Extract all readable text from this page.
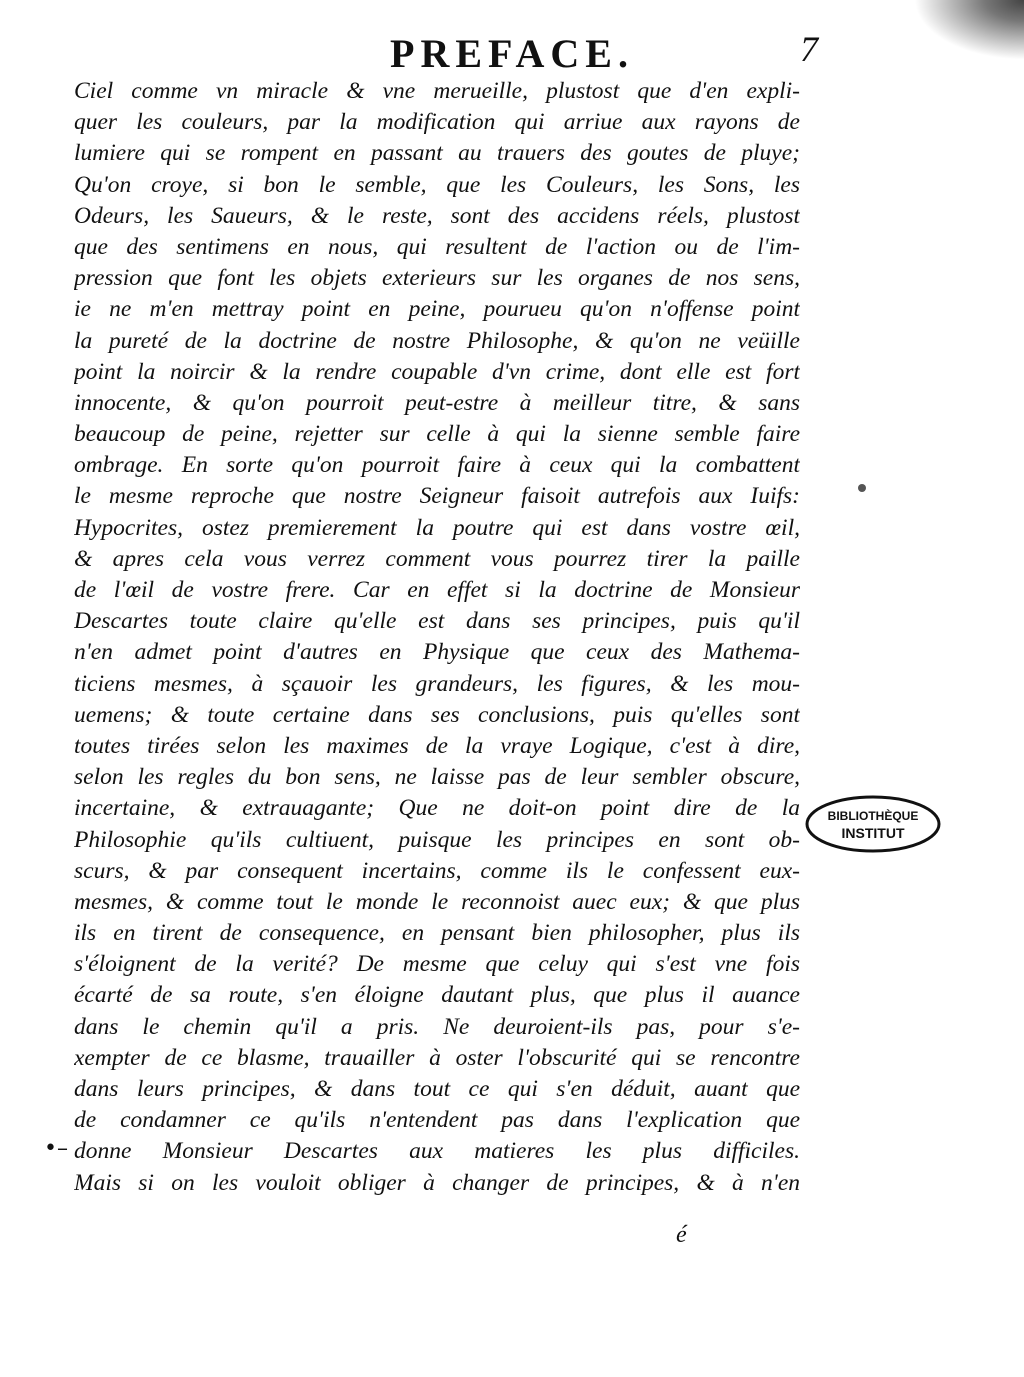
PREFACE.	7
Ciel comme vn miracle & vne merueille, plustost que d'en expli-
quer les couleurs, par la modification qui arriue aux rayons de
lumiere qui se rompent en passant au trauers des goutes de pluye;
Qu'on croye, si bon le semble, que les Couleurs, les Sons, les
Odeurs, les Saueurs, & le reste, sont des accidens réels, plustost
que des sentimens en nous, qui resultent de l'action ou de l'im-
pression que font les objets exterieurs sur les organes de nos sens,
ie ne m'en mettray point en peine, pourueu qu'on n'offense point
la pureté de la doctrine de nostre Philosophe, & qu'on ne veüille
point la noircir & la rendre coupable d'vn crime, dont elle est fort
innocente, & qu'on pourroit peut-estre à meilleur titre, & sans
beaucoup de peine, rejetter sur celle à qui la sienne semble faire
ombrage. En sorte qu'on pourroit faire à ceux qui la combattent
le mesme reproche que nostre Seigneur faisoit autrefois aux Iuifs:
Hypocrites, ostez premierement la poutre qui est dans vostre œil,
& apres cela vous verrez comment vous pourrez tirer la paille
de l'œil de vostre frere. Car en effet si la doctrine de Monsieur
Descartes toute claire qu'elle est dans ses principes, puis qu'il
n'en admet point d'autres en Physique que ceux des Mathema-
ticiens mesmes, à sçauoir les grandeurs, les figures, & les mou-
uemens; & toute certaine dans ses conclusions, puis qu'elles sont
toutes tirées selon les maximes de la vraye Logique, c'est à dire,
selon les regles du bon sens, ne laisse pas de leur sembler obscure,
incertaine, & extrauagante; Que ne doit-on point dire de la
Philosophie qu'ils cultiuent, puisque les principes en sont ob-
scurs, & par consequent incertains, comme ils le confessent eux-
mesmes, & comme tout le monde le reconnoist auec eux; & que plus
ils en tirent de consequence, en pensant bien philosopher, plus ils
s'éloignent de la verité? De mesme que celuy qui s'est vne fois
écarté de sa route, s'en éloigne dautant plus, que plus il auance
dans le chemin qu'il a pris. Ne deuroient-ils pas, pour s'e-
xempter de ce blasme, trauailler à oster l'obscurité qui se rencontre
dans leurs principes, & dans tout ce qui s'en déduit, auant que
de condamner ce qu'ils n'entendent pas dans l'explication que
donne Monsieur Descartes aux matieres les plus difficiles.
Mais si on les vouloit obliger à changer de principes, & à n'en
•–
BIBLIOTHÈQUE
INSTITUT
é
